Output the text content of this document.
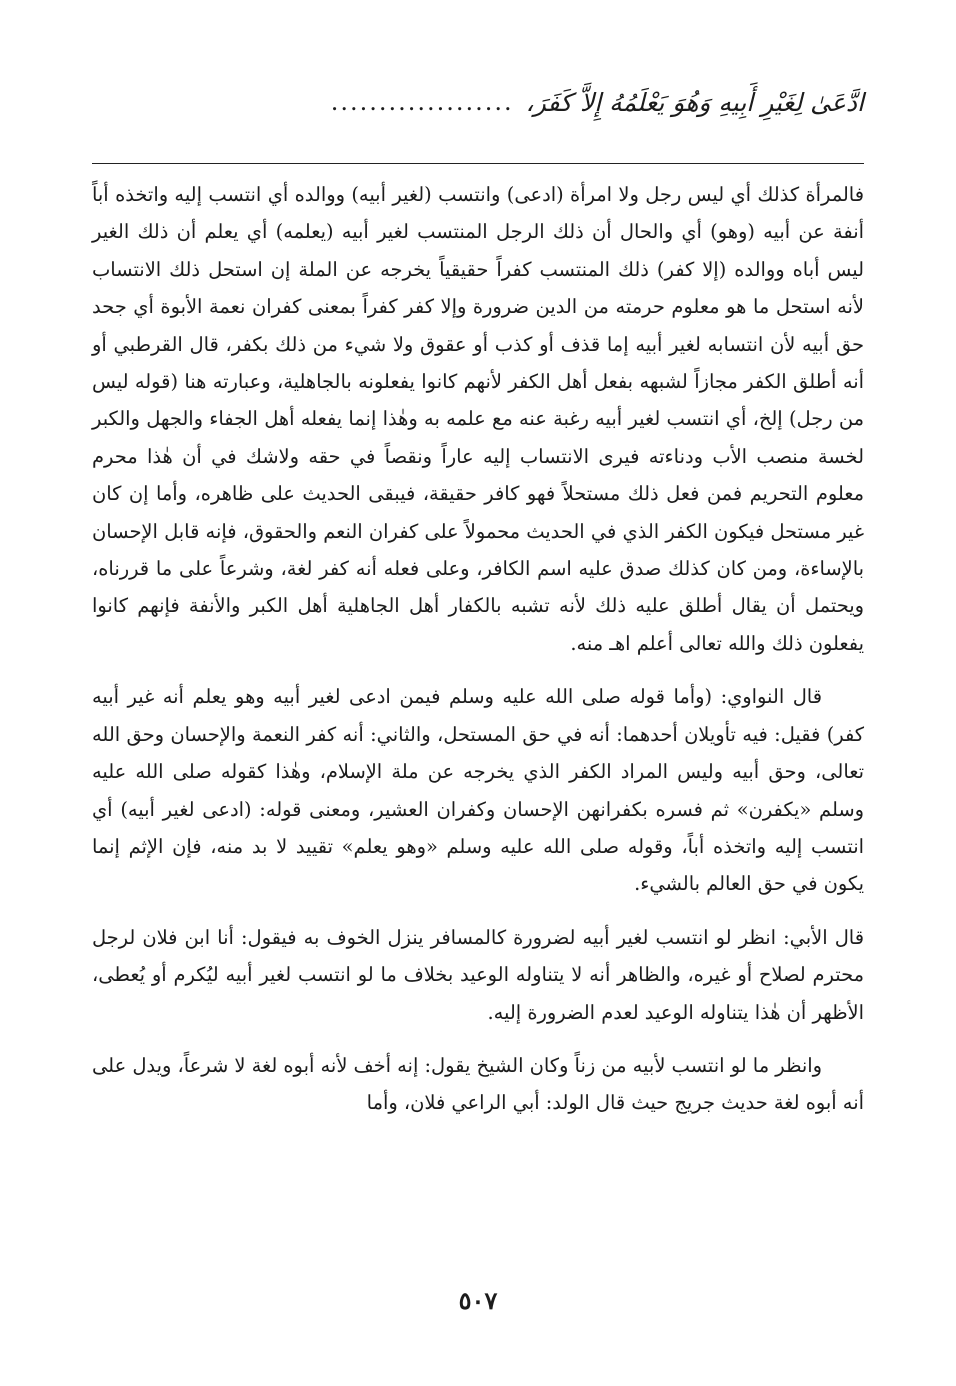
ادَّعَىٰ لِغَيْرِ أَبِيهِ وَهُوَ يَعْلَمُهُ إِلاَّ كَفَرَ،
...................

فالمرأة كذلك أي ليس رجل ولا امرأة (ادعى) وانتسب (لغير أبيه) ووالده أي انتسب إليه واتخذه أباً أنفة عن أبيه (وهو) أي والحال أن ذلك الرجل المنتسب لغير أبيه (يعلمه) أي يعلم أن ذلك الغير ليس أباه ووالده (إلا كفر) ذلك المنتسب كفراً حقيقياً يخرجه عن الملة إن استحل ذلك الانتساب لأنه استحل ما هو معلوم حرمته من الدين ضرورة وإلا كفر كفراً بمعنى كفران نعمة الأبوة أي جحد حق أبيه لأن انتسابه لغير أبيه إما قذف أو كذب أو عقوق ولا شيء من ذلك بكفر، قال القرطبي أو أنه أطلق الكفر مجازاً لشبهه بفعل أهل الكفر لأنهم كانوا يفعلونه بالجاهلية، وعبارته هنا (قوله ليس من رجل) إلخ، أي انتسب لغير أبيه رغبة عنه مع علمه به وهٰذا إنما يفعله أهل الجفاء والجهل والكبر لخسة منصب الأب ودناءته فيرى الانتساب إليه عاراً ونقصاً في حقه ولاشك في أن هٰذا محرم معلوم التحريم فمن فعل ذلك مستحلاً فهو كافر حقيقة، فيبقى الحديث على ظاهره، وأما إن كان غير مستحل فيكون الكفر الذي في الحديث محمولاً على كفران النعم والحقوق، فإنه قابل الإحسان بالإساءة، ومن كان كذلك صدق عليه اسم الكافر، وعلى فعله أنه كفر لغة، وشرعاً على ما قررناه، ويحتمل أن يقال أطلق عليه ذلك لأنه تشبه بالكفار أهل الجاهلية أهل الكبر والأنفة فإنهم كانوا يفعلون ذلك والله تعالى أعلم اهـ منه.

قال النواوي: (وأما قوله صلى الله عليه وسلم فيمن ادعى لغير أبيه وهو يعلم أنه غير أبيه كفر) فقيل: فيه تأويلان أحدهما: أنه في حق المستحل، والثاني: أنه كفر النعمة والإحسان وحق الله تعالى، وحق أبيه وليس المراد الكفر الذي يخرجه عن ملة الإسلام، وهٰذا كقوله صلى الله عليه وسلم «يكفرن» ثم فسره بكفرانهن الإحسان وكفران العشير، ومعنى قوله: (ادعى لغير أبيه) أي انتسب إليه واتخذه أباً، وقوله صلى الله عليه وسلم «وهو يعلم» تقييد لا بد منه، فإن الإثم إنما يكون في حق العالم بالشيء.

قال الأبي: انظر لو انتسب لغير أبيه لضرورة كالمسافر ينزل الخوف به فيقول: أنا ابن فلان لرجل محترم لصلاح أو غيره، والظاهر أنه لا يتناوله الوعيد بخلاف ما لو انتسب لغير أبيه ليُكرم أو يُعطى، الأظهر أن هٰذا يتناوله الوعيد لعدم الضرورة إليه.

وانظر ما لو انتسب لأبيه من زناً وكان الشيخ يقول: إنه أخف لأنه أبوه لغة لا شرعاً، ويدل على أنه أبوه لغة حديث جريج حيث قال الولد: أبي الراعي فلان، وأما

٥٠٧
